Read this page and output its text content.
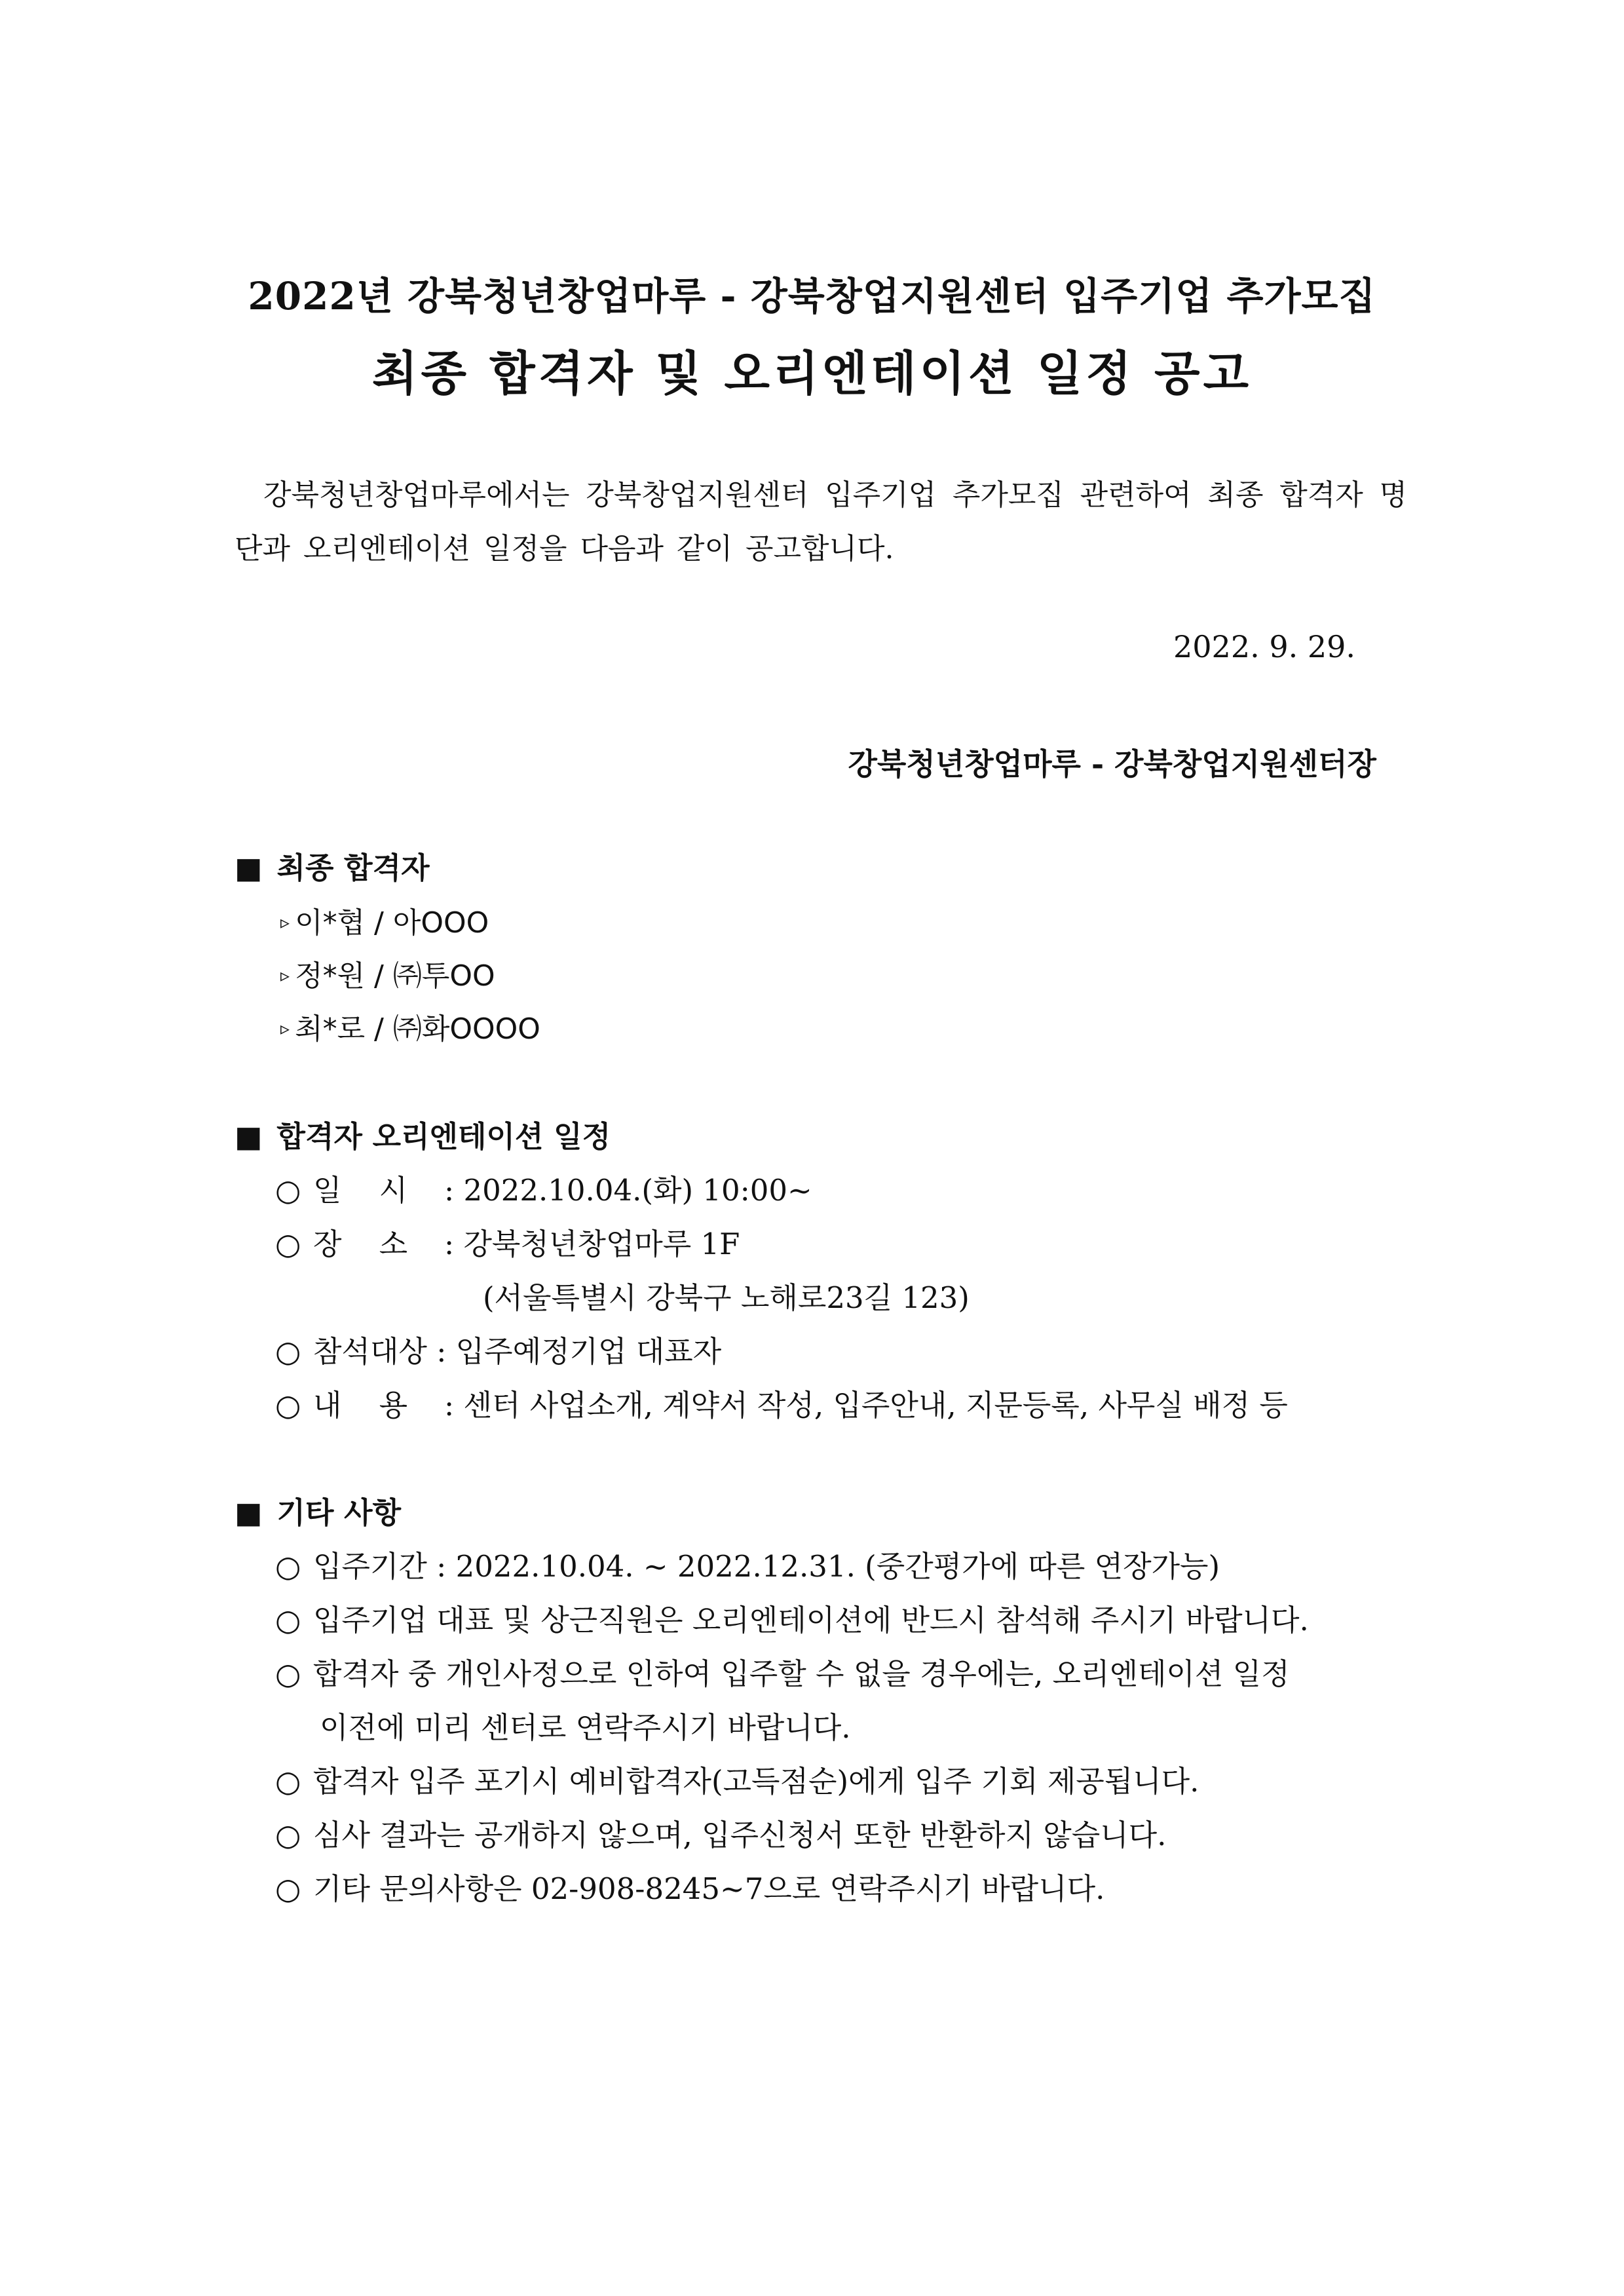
2022년 강북청년창업마루 - 강북창업지원센터 입주기업 추가모집
최종 합격자 및 오리엔테이션 일정 공고
강북청년창업마루에서는 강북창업지원센터 입주기업 추가모집 관련하여 최종 합격자 명단과 오리엔테이션 일정을 다음과 같이 공고합니다.
2022. 9. 29.
강북청년창업마루 - 강북창업지원센터장
■ 최종 합격자
▹ 이*협 / 아OOO
▹ 정*원 / ㈜투OO
▹ 최*로 / ㈜화OOOO
■ 합격자 오리엔테이션 일정
○ 일    시 : 2022.10.04.(화) 10:00~
○ 장    소 : 강북청년창업마루 1F
(서울특별시 강북구 노해로23길 123)
○ 참석대상 : 입주예정기업 대표자
○ 내    용 : 센터 사업소개, 계약서 작성, 입주안내, 지문등록, 사무실 배정 등
■ 기타 사항
○ 입주기간 : 2022.10.04. ~ 2022.12.31. (중간평가에 따른 연장가능)
○ 입주기업 대표 및 상근직원은 오리엔테이션에 반드시 참석해 주시기 바랍니다.
○ 합격자 중 개인사정으로 인하여 입주할 수 없을 경우에는, 오리엔테이션 일정
이전에 미리 센터로 연락주시기 바랍니다.
○ 합격자 입주 포기시 예비합격자(고득점순)에게 입주 기회 제공됩니다.
○ 심사 결과는 공개하지 않으며, 입주신청서 또한 반환하지 않습니다.
○ 기타 문의사항은 02-908-8245~7으로 연락주시기 바랍니다.
